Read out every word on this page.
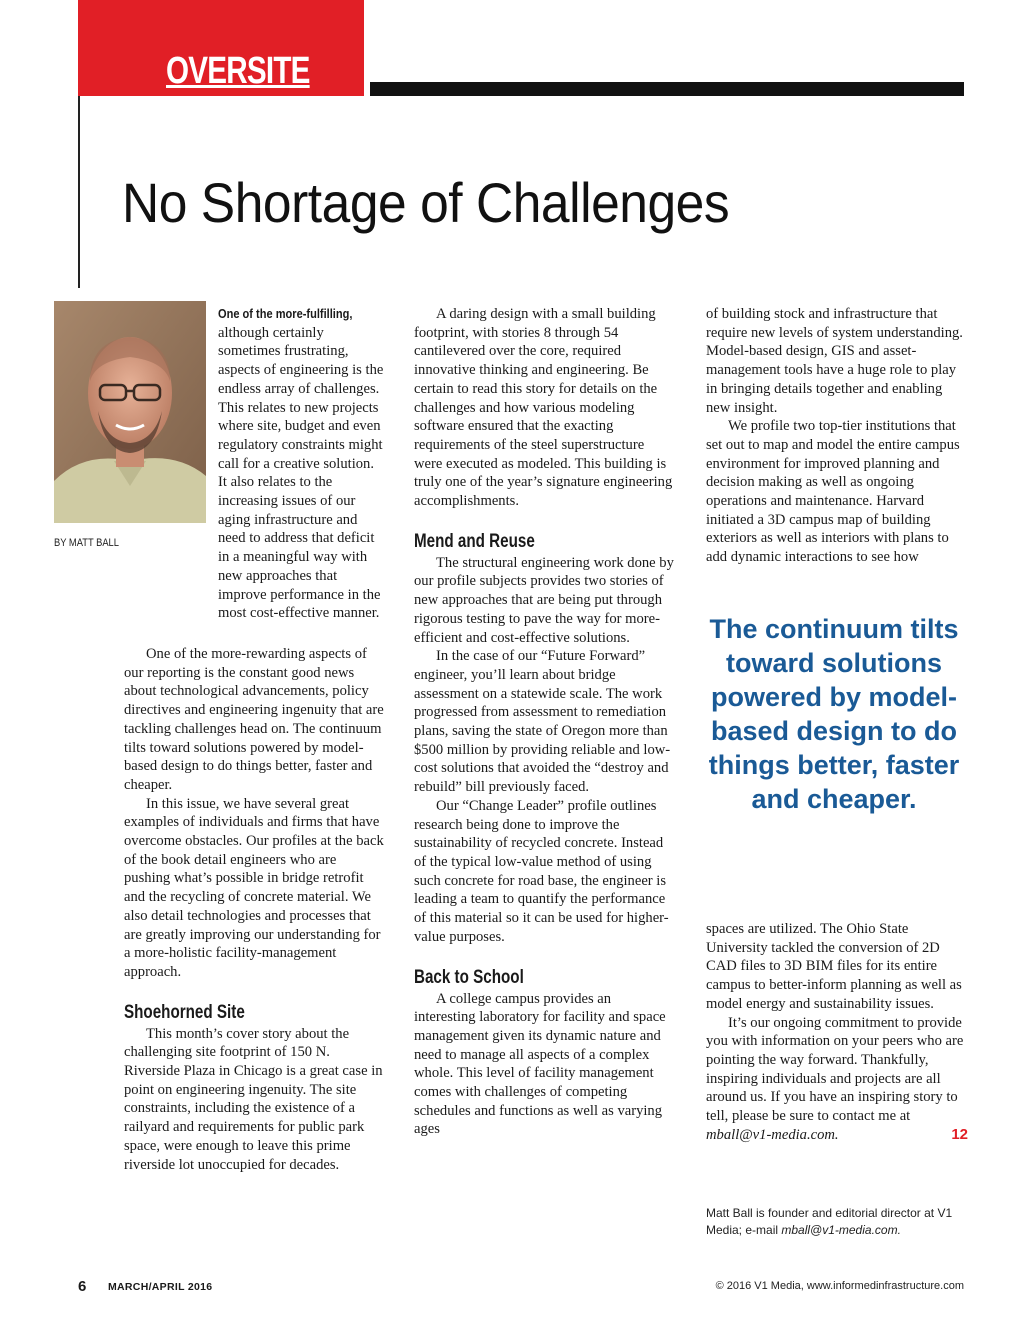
OVERSITE
No Shortage of Challenges
BY MATT BALL

One of the more-fulfilling, although certainly sometimes frustrating, aspects of engineering is the endless array of challenges. This relates to new projects where site, budget and even regulatory constraints might call for a creative solution. It also relates to the increasing issues of our aging infrastructure and need to address that deficit in a meaningful way with new approaches that improve performance in the most cost-effective manner.

One of the more-rewarding aspects of our reporting is the constant good news about technological advancements, policy directives and engineering ingenuity that are tackling challenges head on. The continuum tilts toward solutions powered by model-based design to do things better, faster and cheaper.

In this issue, we have several great examples of individuals and firms that have overcome obstacles. Our profiles at the back of the book detail engineers who are pushing what’s possible in bridge retrofit and the recycling of concrete material. We also detail technologies and processes that are greatly improving our understanding for a more-holistic facility-management approach.

Shoehorned Site

This month’s cover story about the challenging site footprint of 150 N. Riverside Plaza in Chicago is a great case in point on engineering ingenuity. The site constraints, including the existence of a railyard and requirements for public park space, were enough to leave this prime riverside lot unoccupied for decades.

A daring design with a small building footprint, with stories 8 through 54 cantilevered over the core, required innovative thinking and engineering. Be certain to read this story for details on the challenges and how various modeling software ensured that the exacting requirements of the steel superstructure were executed as modeled. This building is truly one of the year’s signature engineering accomplishments.

Mend and Reuse

The structural engineering work done by our profile subjects provides two stories of new approaches that are being put through rigorous testing to pave the way for more-efficient and cost-effective solutions.

In the case of our “Future Forward” engineer, you’ll learn about bridge assessment on a statewide scale. The work progressed from assessment to remediation plans, saving the state of Oregon more than $500 million by providing reliable and low-cost solutions that avoided the “destroy and rebuild” bill previously faced.

Our “Change Leader” profile outlines research being done to improve the sustainability of recycled concrete. Instead of the typical low-value method of using such concrete for road base, the engineer is leading a team to quantify the performance of this material so it can be used for higher-value purposes.

Back to School

A college campus provides an interesting laboratory for facility and space management given its dynamic nature and need to manage all aspects of a complex whole. This level of facility management comes with challenges of competing schedules and functions as well as varying ages

of building stock and infrastructure that require new levels of system understanding. Model-based design, GIS and asset-management tools have a huge role to play in bringing details together and enabling new insight.

We profile two top-tier institutions that set out to map and model the entire campus environment for improved planning and decision making as well as ongoing operations and maintenance. Harvard initiated a 3D campus map of building exteriors as well as interiors with plans to add dynamic interactions to see how

The continuum tilts toward solutions powered by model-based design to do things better, faster and cheaper.

spaces are utilized. The Ohio State University tackled the conversion of 2D CAD files to 3D BIM files for its entire campus to better-inform planning as well as model energy and sustainability issues.

It’s our ongoing commitment to provide you with information on your peers who are pointing the way forward. Thankfully, inspiring individuals and projects are all around us. If you have an inspiring story to tell, please be sure to contact me at mball@v1-media.com.	12
Matt Ball is founder and editorial director at V1 Media; e-mail mball@v1-media.com.
6 MARCH/APRIL 2016	© 2016 V1 Media, www.informedinfrastructure.com
